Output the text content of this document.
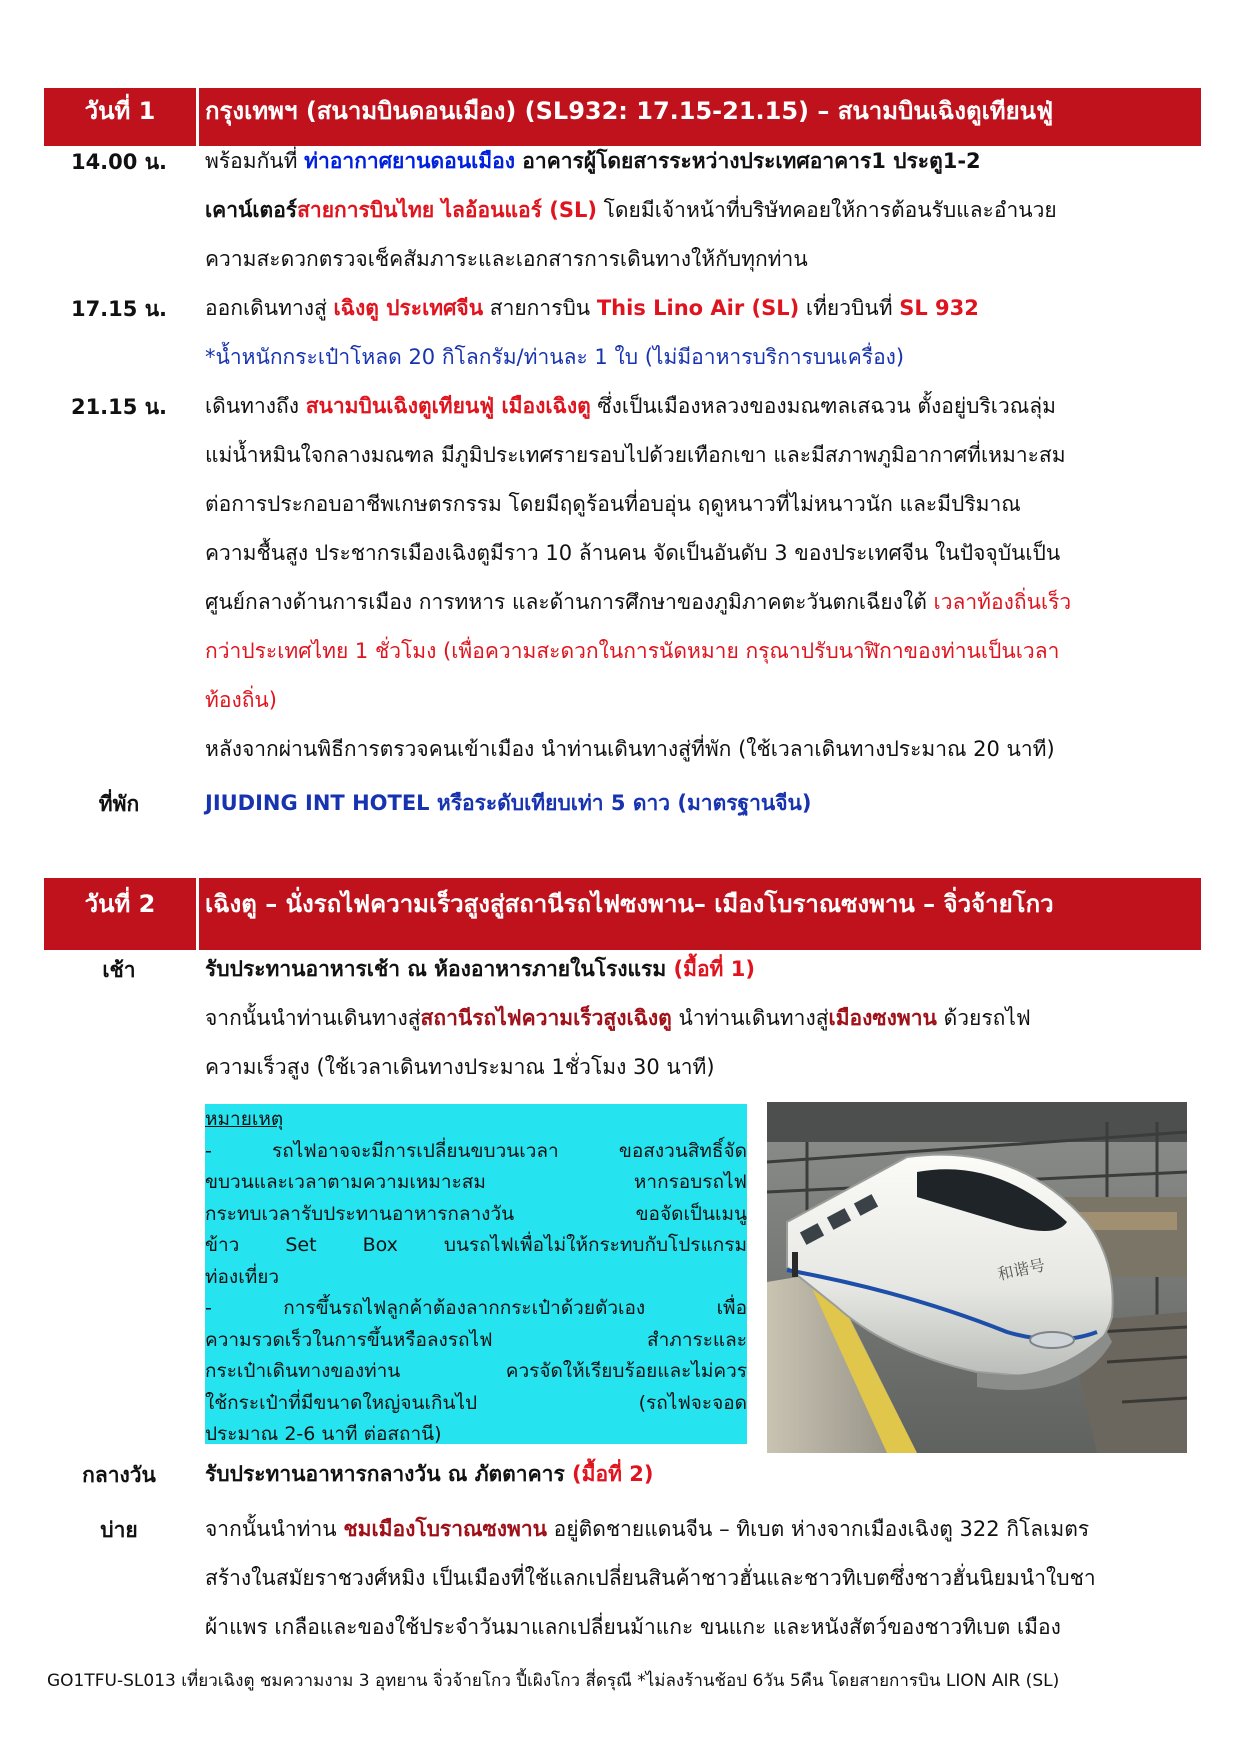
วันที่ 1	กรุงเทพฯ (สนามบินดอนเมือง) (SL932: 17.15-21.15) – สนามบินเฉิงตูเทียนฟู่
14.00 น.	พร้อมกันที่ ท่าอากาศยานดอนเมือง อาคารผู้โดยสารระหว่างประเทศอาคาร1 ประตู1-2
เคาน์เตอร์สายการบินไทย ไลอ้อนแอร์ (SL) โดยมีเจ้าหน้าที่บริษัทคอยให้การต้อนรับและอำนวย
ความสะดวกตรวจเช็คสัมภาระและเอกสารการเดินทางให้กับทุกท่าน
17.15 น.	ออกเดินทางสู่ เฉิงตู ประเทศจีน สายการบิน This Lino Air (SL) เที่ยวบินที่ SL 932
*น้ำหนักกระเป๋าโหลด 20 กิโลกรัม/ท่านละ 1 ใบ (ไม่มีอาหารบริการบนเครื่อง)
21.15 น.	เดินทางถึง สนามบินเฉิงตูเทียนฟู่ เมืองเฉิงตู ซึ่งเป็นเมืองหลวงของมณฑลเสฉวน ตั้งอยู่บริเวณลุ่ม
แม่น้ำหมินใจกลางมณฑล มีภูมิประเทศรายรอบไปด้วยเทือกเขา และมีสภาพภูมิอากาศที่เหมาะสม
ต่อการประกอบอาชีพเกษตรกรรม โดยมีฤดูร้อนที่อบอุ่น ฤดูหนาวที่ไม่หนาวนัก และมีปริมาณ
ความชื้นสูง ประชากรเมืองเฉิงตูมีราว 10 ล้านคน จัดเป็นอันดับ 3 ของประเทศจีน ในปัจจุบันเป็น
ศูนย์กลางด้านการเมือง การทหาร และด้านการศึกษาของภูมิภาคตะวันตกเฉียงใต้ เวลาท้องถิ่นเร็ว
กว่าประเทศไทย 1 ชั่วโมง (เพื่อความสะดวกในการนัดหมาย กรุณาปรับนาฬิกาของท่านเป็นเวลา
ท้องถิ่น)
หลังจากผ่านพิธีการตรวจคนเข้าเมือง นำท่านเดินทางสู่ที่พัก (ใช้เวลาเดินทางประมาณ 20 นาที)
ที่พัก	JIUDING INT HOTEL หรือระดับเทียบเท่า 5 ดาว (มาตรฐานจีน)
วันที่ 2	เฉิงตู – นั่งรถไฟความเร็วสูงสู่สถานีรถไฟซงพาน– เมืองโบราณซงพาน – จิ่วจ้ายโกว
เช้า	รับประทานอาหารเช้า ณ ห้องอาหารภายในโรงแรม (มื้อที่ 1)
จากนั้นนำท่านเดินทางสู่สถานีรถไฟความเร็วสูงเฉิงตู นำท่านเดินทางสู่เมืองซงพาน ด้วยรถไฟ
ความเร็วสูง (ใช้เวลาเดินทางประมาณ 1ชั่วโมง 30 นาที)
หมายเหตุ
- รถไฟอาจจะมีการเปลี่ยนขบวนเวลา ขอสงวนสิทธิ์จัด
ขบวนและเวลาตามความเหมาะสม หากรอบรถไฟ
กระทบเวลารับประทานอาหารกลางวัน ขอจัดเป็นเมนู
ข้าว Set Box บนรถไฟเพื่อไม่ให้กระทบกับโปรแกรม
ท่องเที่ยว
- การขึ้นรถไฟลูกค้าต้องลากกระเป๋าด้วยตัวเอง เพื่อ
ความรวดเร็วในการขึ้นหรือลงรถไฟ สำภาระและ
กระเป๋าเดินทางของท่าน ควรจัดให้เรียบร้อยและไม่ควร
ใช้กระเป๋าที่มีขนาดใหญ่จนเกินไป (รถไฟจะจอด
ประมาณ 2-6 นาที ต่อสถานี)
和谐号
กลางวัน	รับประทานอาหารกลางวัน ณ ภัตตาคาร (มื้อที่ 2)
บ่าย	จากนั้นนำท่าน ชมเมืองโบราณซงพาน อยู่ติดชายแดนจีน – ทิเบต ห่างจากเมืองเฉิงตู 322 กิโลเมตร
สร้างในสมัยราชวงศ์หมิง เป็นเมืองที่ใช้แลกเปลี่ยนสินค้าชาวฮั่นและชาวทิเบตซึ่งชาวฮั่นนิยมนำใบชา
ผ้าแพร เกลือและของใช้ประจำวันมาแลกเปลี่ยนม้าแกะ ขนแกะ และหนังสัตว์ของชาวทิเบต เมือง
GO1TFU-SL013 เที่ยวเฉิงตู ชมความงาม 3 อุทยาน จิ่วจ้ายโกว ปี้เผิงโกว สี่ดรุณี *ไม่ลงร้านช้อป 6วัน 5คืน โดยสายการบิน LION AIR (SL)
